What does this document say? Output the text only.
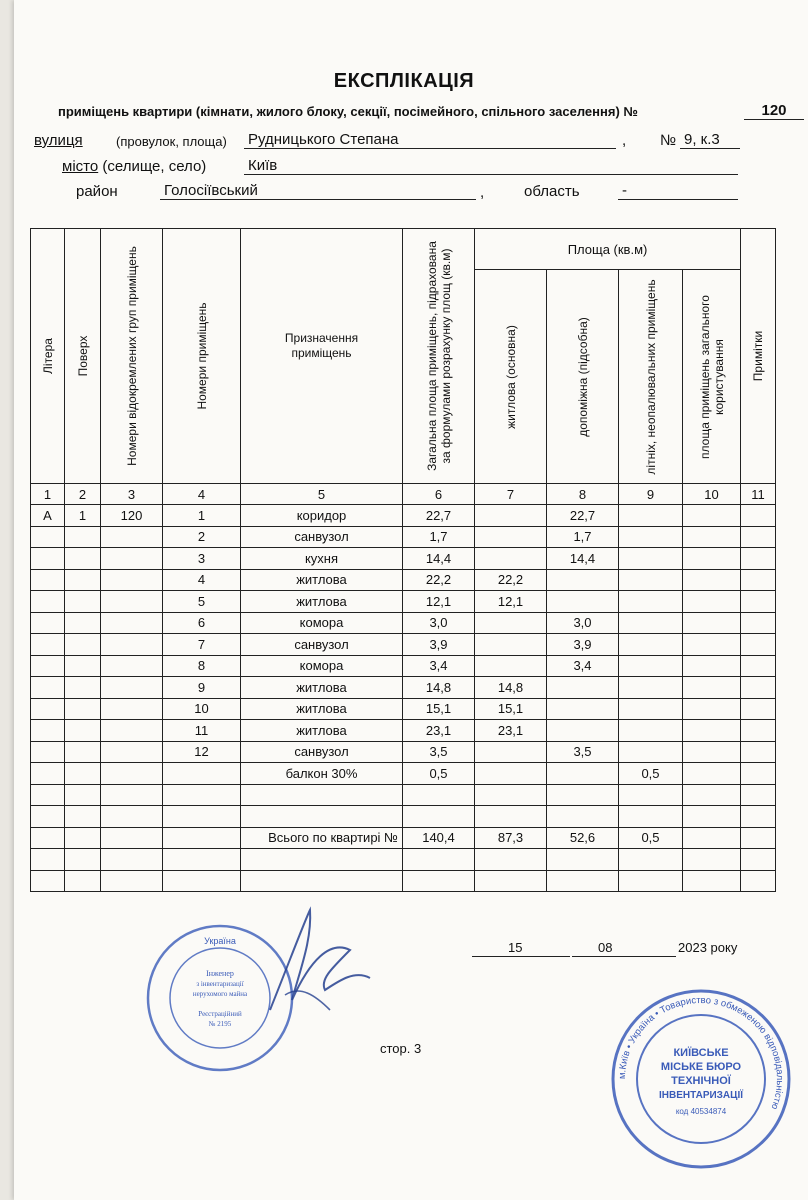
ЕКСПЛІКАЦІЯ
приміщень квартири (кімнати, жилого блоку, секції, посімейного, спільного заселення) №	120
вулиця	(провулок, площа) Рудницького Степана	, № 9, к.3
місто (селище, село)	Київ
район	Голосіївський	,	область	-
Літера	Поверх	Номери відокремлених груп приміщень	Номери приміщень	Призначення приміщень	Загальна площа приміщень, підрахована за формулами розрахунку площ (кв.м)	Площа (кв.м)				Примітки

						житлова (основна)	допоміжна (підсобна)	літніх, неопалювальних приміщень	площа приміщень загального користування	

1	2	3	4	5	6	7	8	9	10	11
А	1	120	1	коридор	22,7		22,7			
			2	санвузол	1,7		1,7			
			3	кухня	14,4		14,4			
			4	житлова	22,2	22,2				
			5	житлова	12,1	12,1				
			6	комора	3,0		3,0			
			7	санвузол	3,9		3,9			
			8	комора	3,4		3,4			
			9	житлова	14,8	14,8				
			10	житлова	15,1	15,1				
			11	житлова	23,1	23,1				
			12	санвузол	3,5		3,5			
				балкон 30%	0,5			0,5		

				Всього по квартирі №	140,4	87,3	52,6	0,5		

15	08	2023 року
стор. 3
Україна
Інженер
з інвентаризації
нерухомого майна
Реєстраційний
№ 2195
м.Київ • Україна • Товариство з обмеженою відповідальністю
КИЇВСЬКЕ
МІСЬКЕ БЮРО
ТЕХНІЧНОЇ
ІНВЕНТАРИЗАЦІЇ
код 40534874
